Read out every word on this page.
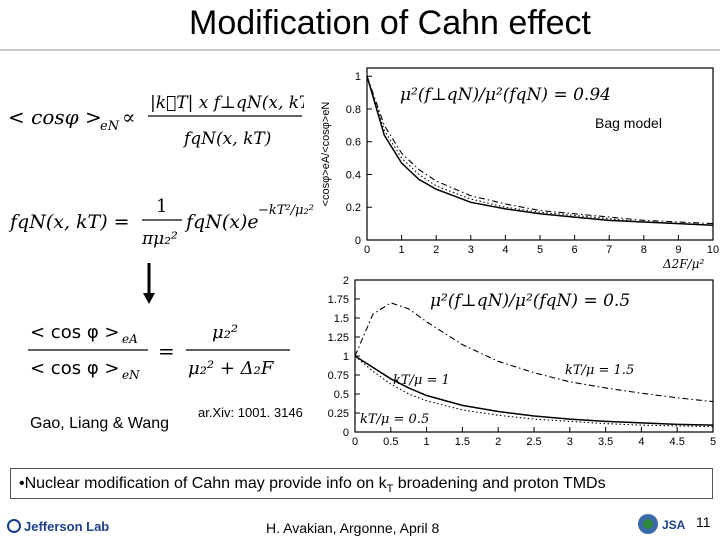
Modification of Cahn effect
< cosφ >
eN ∝
|k⃗T| x f⊥qN(x, kT)
fqN(x, kT)
fqN(x, kT) =
1
πμ₂²
fqN(x)e
−kT²/μ₂²
< cos φ > eA
< cos φ > eN
=
μ₂²
μ₂² + Δ₂F
Gao, Liang & Wang
ar.Xiv: 1001. 3146
0	1	2	3	4	5	6	7	8	9 10
0
0.2
0.4
0.6
0.8
1
μ²(f⊥qN)/μ²(fqN) = 0.94
Bag model
<cosφ>eA/<cosφ>eN
Δ2F/μ²
0 0.5 1 1.5 2 2.5 3 3.5 4 4.5 5
0
0.25
0.5
0.75
1
1.25
1.5
1.75
2
μ²(f⊥qN)/μ²(fqN) = 0.5
kT/μ = 1.5
kT/μ = 1
kT/μ = 0.5
•Nuclear modification of Cahn may provide info on $k_T$ broadening and proton TMDs
Jefferson Lab	H. Avakian, Argonne, April 8	JSA 11
